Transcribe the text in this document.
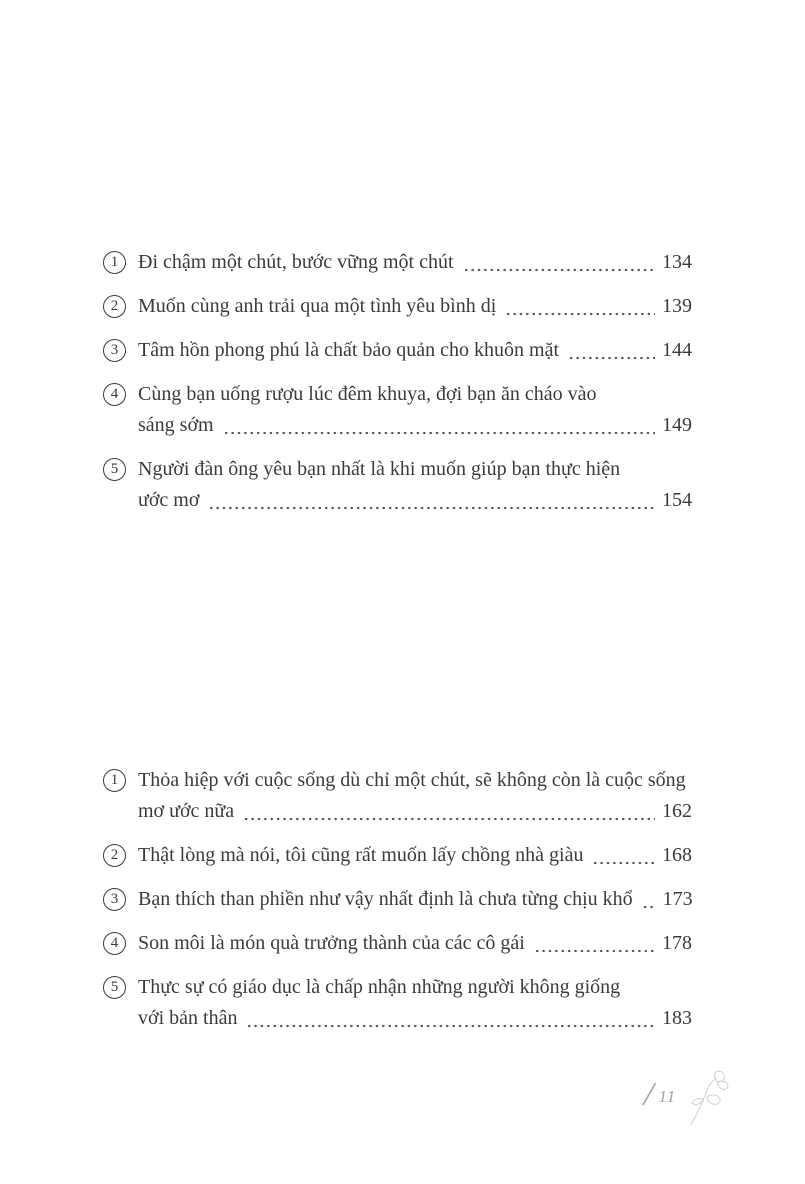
1 Đi chậm một chút, bước vững một chút	134
2 Muốn cùng anh trải qua một tình yêu bình dị	139
3 Tâm hồn phong phú là chất bảo quản cho khuôn mặt	144
4 Cùng bạn uống rượu lúc đêm khuya, đợi bạn ăn cháo vào
sáng sớm	149
5 Người đàn ông yêu bạn nhất là khi muốn giúp bạn thực hiện
ước mơ	154
1 Thỏa hiệp với cuộc sống dù chỉ một chút, sẽ không còn là cuộc sống
mơ ước nữa	162
2 Thật lòng mà nói, tôi cũng rất muốn lấy chồng nhà giàu	168
3 Bạn thích than phiền như vậy nhất định là chưa từng chịu khổ 173
4 Son môi là món quà trưởng thành của các cô gái	178
5 Thực sự có giáo dục là chấp nhận những người không giống
với bản thân	183
/ 11
